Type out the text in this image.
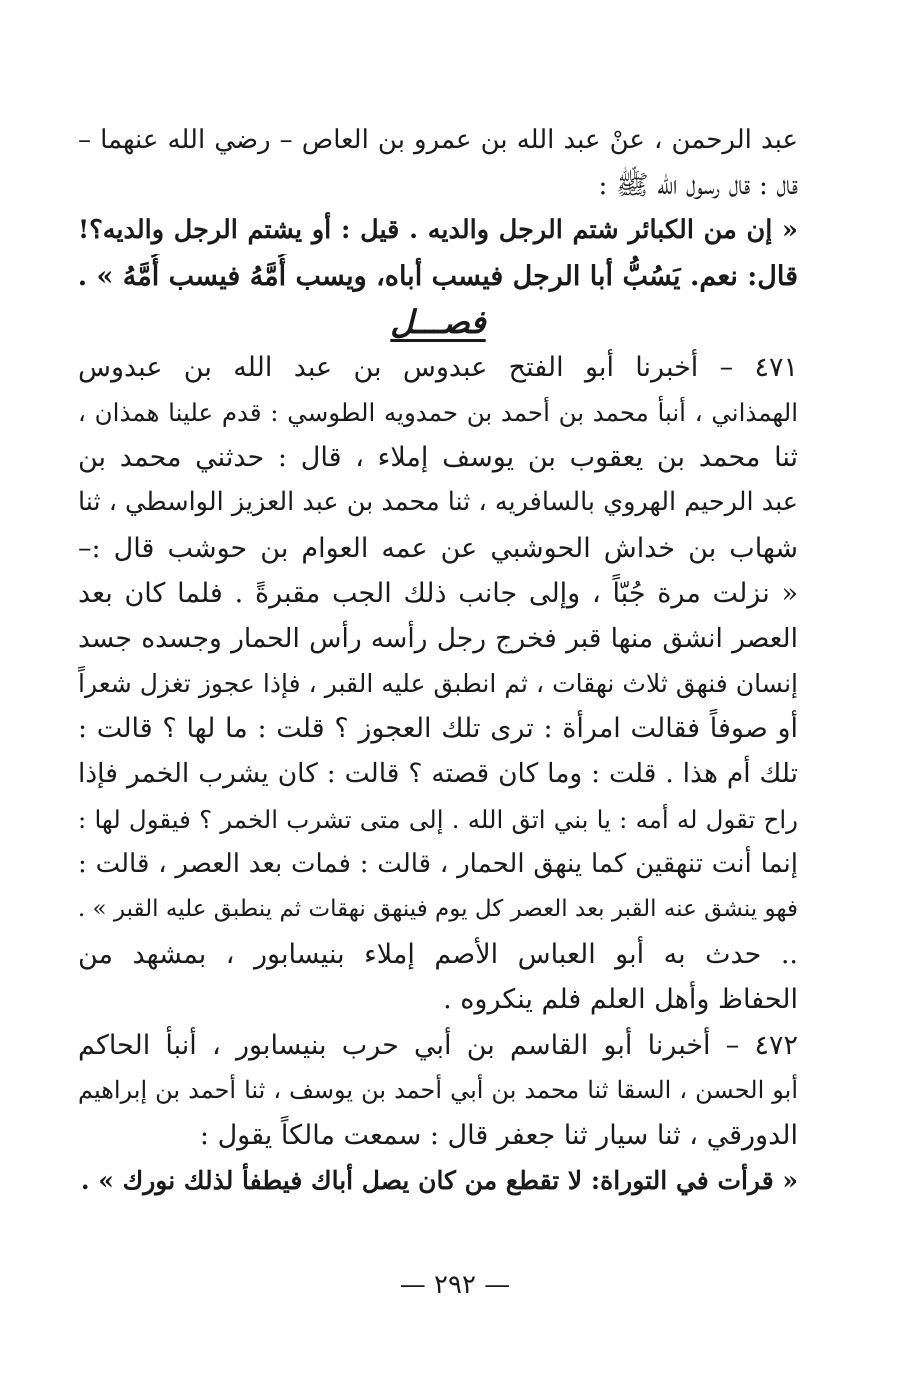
عبد الرحمن ، عنْ عبد الله بن عمرو بن العاص – رضي الله عنهما –
قال : قال رسول الله ﷺ :
« إن من الكبائر شتم الرجل والديه . قيل : أو يشتم الرجل والديه؟!
قال: نعم. يَسُبُّ أبا الرجل فيسب أباه، ويسب أُمَّهُ فيسب أُمَّهُ » .
فصـــل
٤٧١ – أخبرنا أبو الفتح عبدوس بن عبد الله بن عبدوس
الهمذاني ، أنبأ محمد بن أحمد بن حمدويه الطوسي : قدم علينا همذان ،
ثنا محمد بن يعقوب بن يوسف إملاء ، قال : حدثني محمد بن
عبد الرحيم الهروي بالسافريه ، ثنا محمد بن عبد العزيز الواسطي ، ثنا
شهاب بن خداش الحوشبي عن عمه العوام بن حوشب قال :–
« نزلت مرة جُبّاً ، وإلى جانب ذلك الجب مقبرةً . فلما كان بعد
العصر انشق منها قبر فخرج رجل رأسه رأس الحمار وجسده جسد
إنسان فنهق ثلاث نهقات ، ثم انطبق عليه القبر ، فإذا عجوز تغزل شعراً
أو صوفاً فقالت امرأة : ترى تلك العجوز ؟ قلت : ما لها ؟ قالت :
تلك أم هذا . قلت : وما كان قصته ؟ قالت : كان يشرب الخمر فإذا
راح تقول له أمه : يا بني اتق الله . إلى متى تشرب الخمر ؟ فيقول لها :
إنما أنت تنهقين كما ينهق الحمار ، قالت : فمات بعد العصر ، قالت :
فهو ينشق عنه القبر بعد العصر كل يوم فينهق نهقات ثم ينطبق عليه القبر » .
.. حدث به أبو العباس الأصم إملاء بنيسابور ، بمشهد من
الحفاظ وأهل العلم فلم ينكروه .
٤٧٢ – أخبرنا أبو القاسم بن أبي حرب بنيسابور ، أنبأ الحاكم
أبو الحسن ، السقا ثنا محمد بن أبي أحمد بن يوسف ، ثنا أحمد بن إبراهيم
الدورقي ، ثنا سيار ثنا جعفر قال : سمعت مالكاً يقول :
« قرأت في التوراة: لا تقطع من كان يصل أباك فيطفأ لذلك نورك » .
— ٢٩٢ —
